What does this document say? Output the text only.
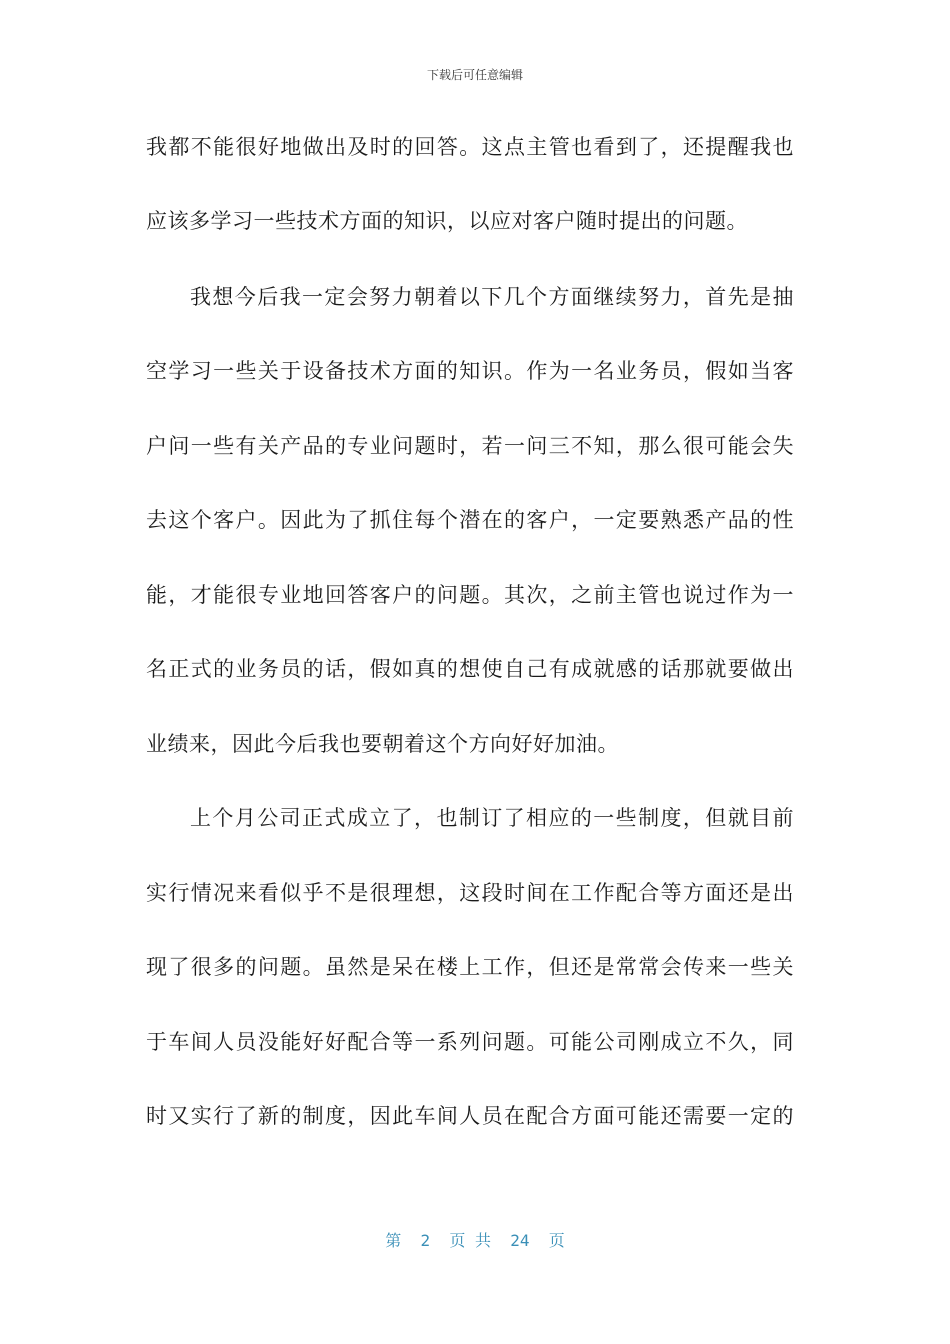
下载后可任意编辑
我都不能很好地做出及时的回答。这点主管也看到了，还提醒我也
应该多学习一些技术方面的知识，以应对客户随时提出的问题。
我想今后我一定会努力朝着以下几个方面继续努力，首先是抽
空学习一些关于设备技术方面的知识。作为一名业务员，假如当客
户问一些有关产品的专业问题时，若一问三不知，那么很可能会失
去这个客户。因此为了抓住每个潜在的客户，一定要熟悉产品的性
能，才能很专业地回答客户的问题。其次，之前主管也说过作为一
名正式的业务员的话，假如真的想使自己有成就感的话那就要做出
业绩来，因此今后我也要朝着这个方向好好加油。
上个月公司正式成立了，也制订了相应的一些制度，但就目前
实行情况来看似乎不是很理想，这段时间在工作配合等方面还是出
现了很多的问题。虽然是呆在楼上工作，但还是常常会传来一些关
于车间人员没能好好配合等一系列问题。可能公司刚成立不久，同
时又实行了新的制度，因此车间人员在配合方面可能还需要一定的
第  2  页 共  24  页
